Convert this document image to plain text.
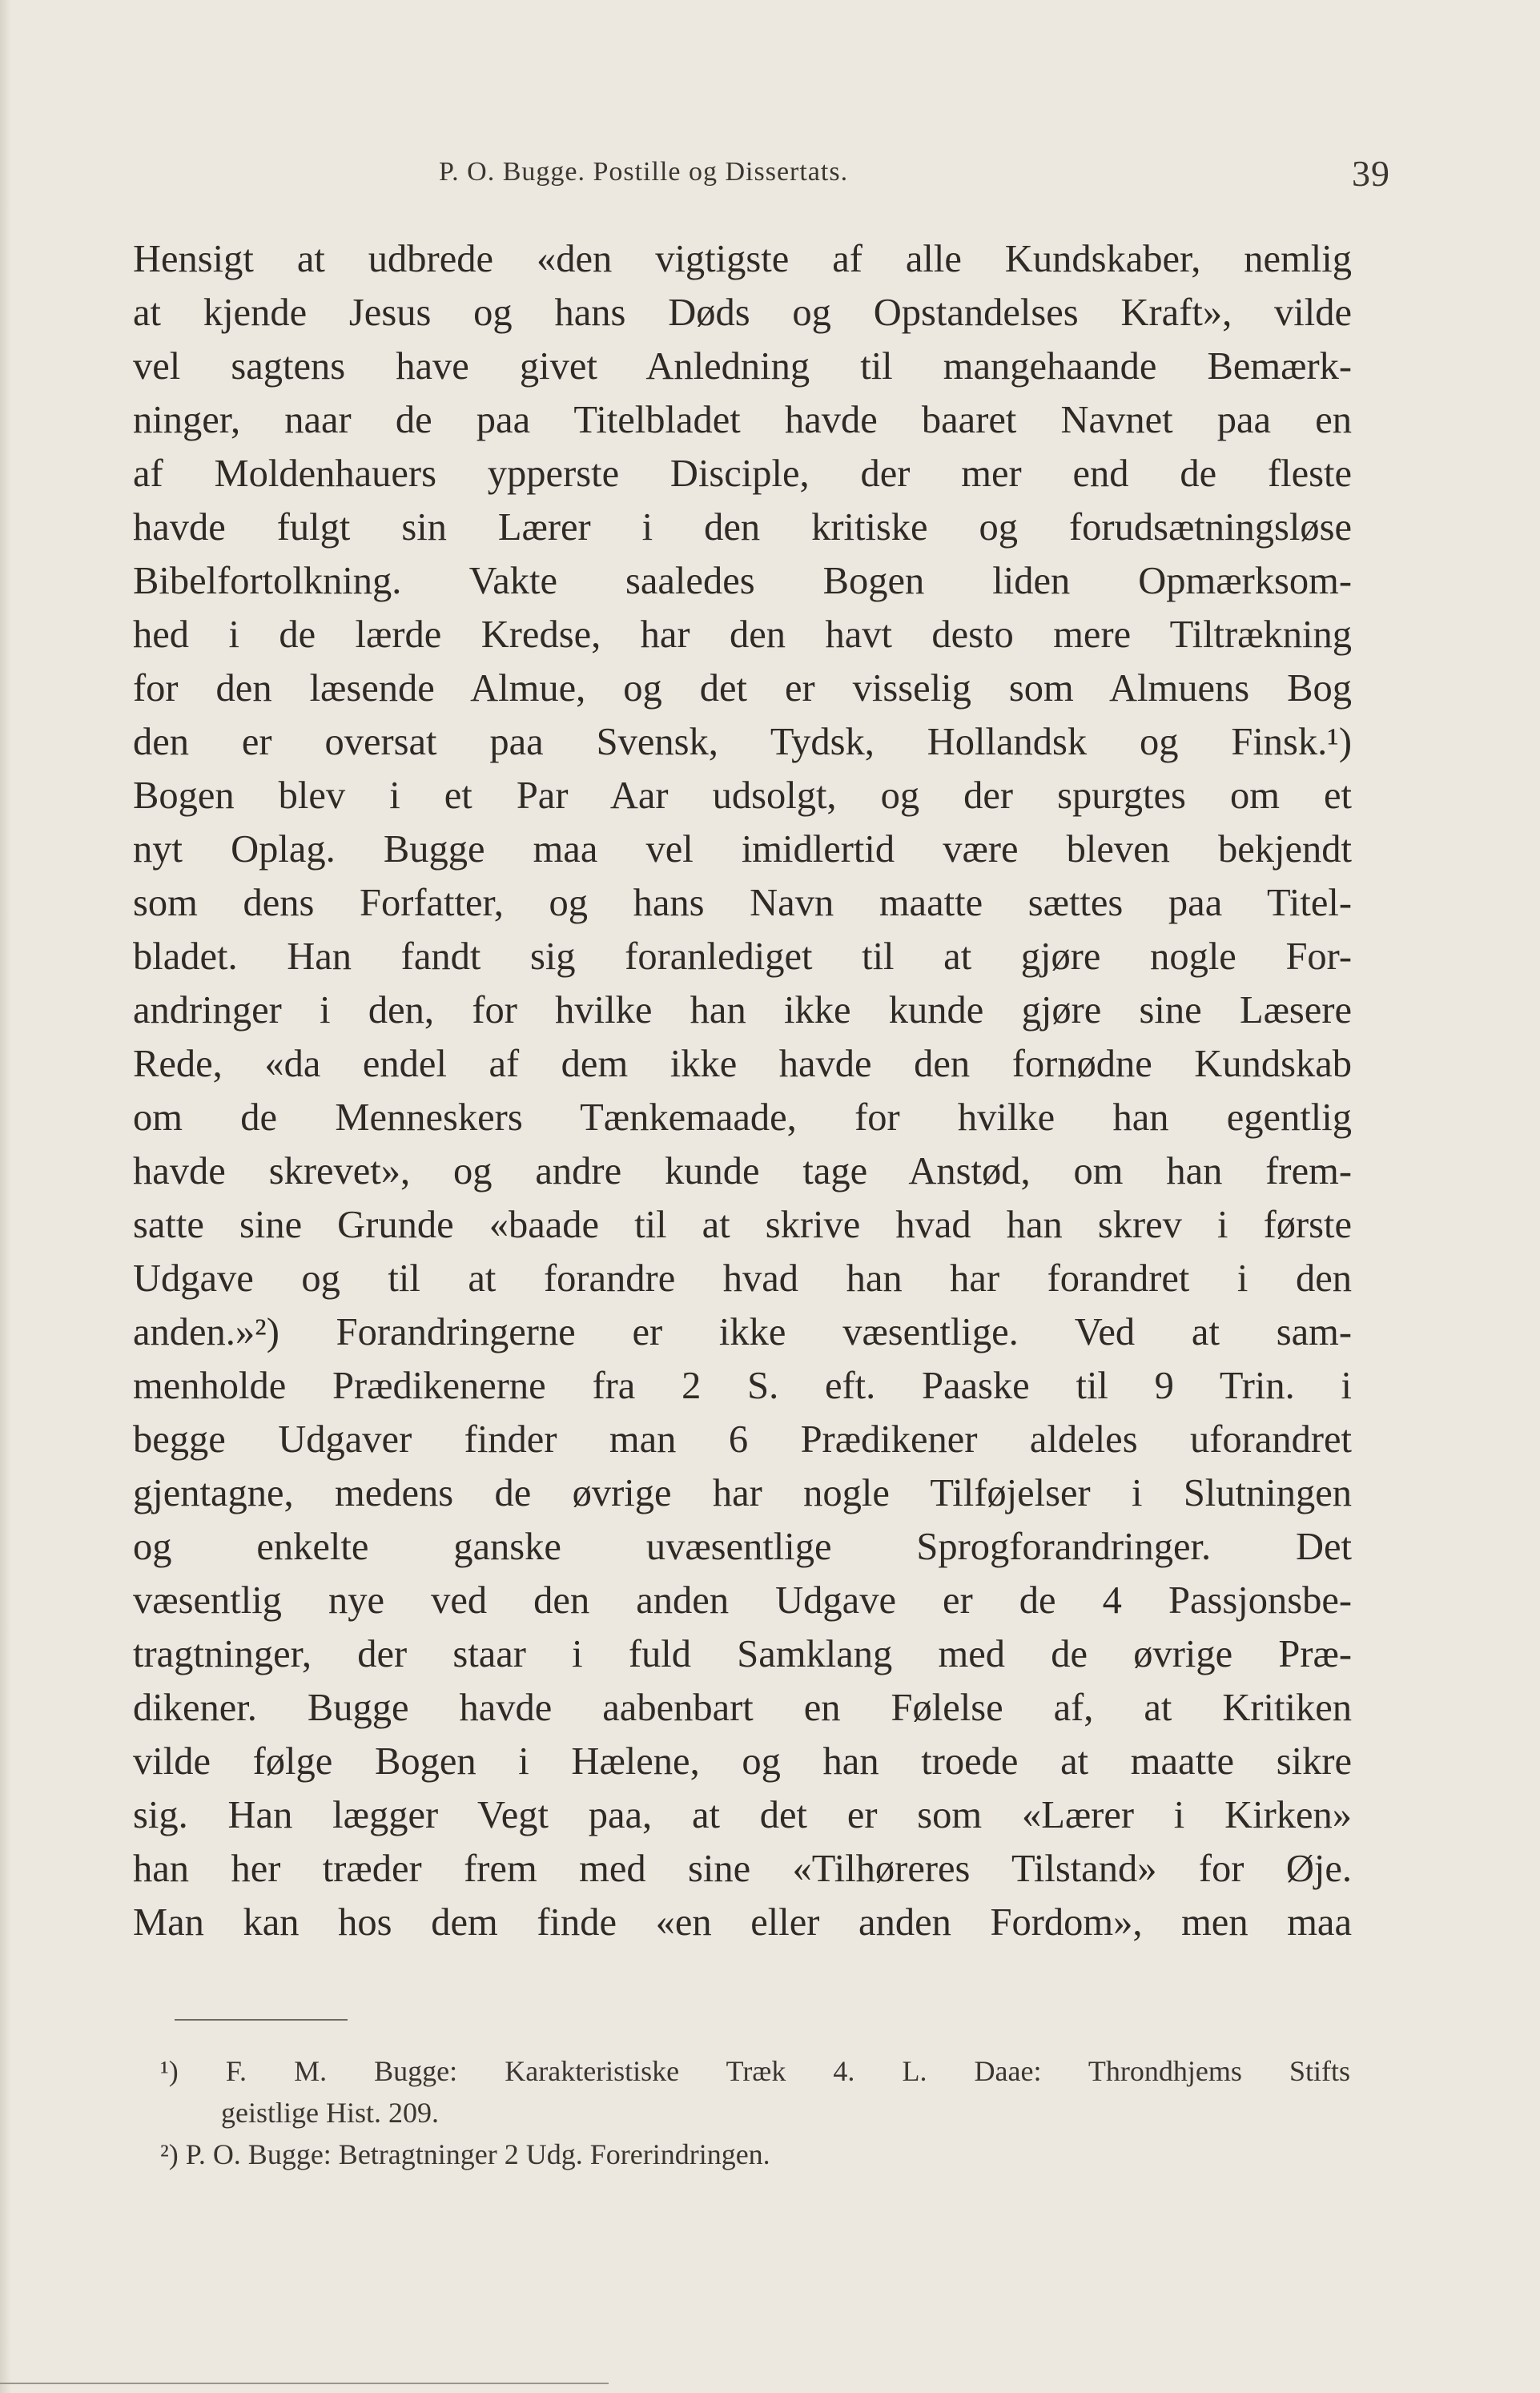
P. O. Bugge. Postille og Dissertats.	39
Hensigt at udbrede «den vigtigste af alle Kundskaber, nemlig
at kjende Jesus og hans Døds og Opstandelses Kraft», vilde
vel sagtens have givet Anledning til mangehaande Bemærk-
ninger, naar de paa Titelbladet havde baaret Navnet paa en
af Moldenhauers ypperste Disciple, der mer end de fleste
havde fulgt sin Lærer i den kritiske og forudsætningsløse
Bibelfortolkning. Vakte saaledes Bogen liden Opmærksom-
hed i de lærde Kredse, har den havt desto mere Tiltrækning
for den læsende Almue, og det er visselig som Almuens Bog
den er oversat paa Svensk, Tydsk, Hollandsk og Finsk.¹)
Bogen blev i et Par Aar udsolgt, og der spurgtes om et
nyt Oplag. Bugge maa vel imidlertid være bleven bekjendt
som dens Forfatter, og hans Navn maatte sættes paa Titel-
bladet. Han fandt sig foranlediget til at gjøre nogle For-
andringer i den, for hvilke han ikke kunde gjøre sine Læsere
Rede, «da endel af dem ikke havde den fornødne Kundskab
om de Menneskers Tænkemaade, for hvilke han egentlig
havde skrevet», og andre kunde tage Anstød, om han frem-
satte sine Grunde «baade til at skrive hvad han skrev i første
Udgave og til at forandre hvad han har forandret i den
anden.»²) Forandringerne er ikke væsentlige. Ved at sam-
menholde Prædikenerne fra 2 S. eft. Paaske til 9 Trin. i
begge Udgaver finder man 6 Prædikener aldeles uforandret
gjentagne, medens de øvrige har nogle Tilføjelser i Slutningen
og enkelte ganske uvæsentlige Sprogforandringer. Det
væsentlig nye ved den anden Udgave er de 4 Passjonsbe-
tragtninger, der staar i fuld Samklang med de øvrige Præ-
dikener. Bugge havde aabenbart en Følelse af, at Kritiken
vilde følge Bogen i Hælene, og han troede at maatte sikre
sig. Han lægger Vegt paa, at det er som «Lærer i Kirken»
han her træder frem med sine «Tilhøreres Tilstand» for Øje.
Man kan hos dem finde «en eller anden Fordom», men maa
¹) F. M. Bugge: Karakteristiske Træk 4. L. Daae: Throndhjems Stifts
geistlige Hist. 209.
²) P. O. Bugge: Betragtninger 2 Udg. Forerindringen.
